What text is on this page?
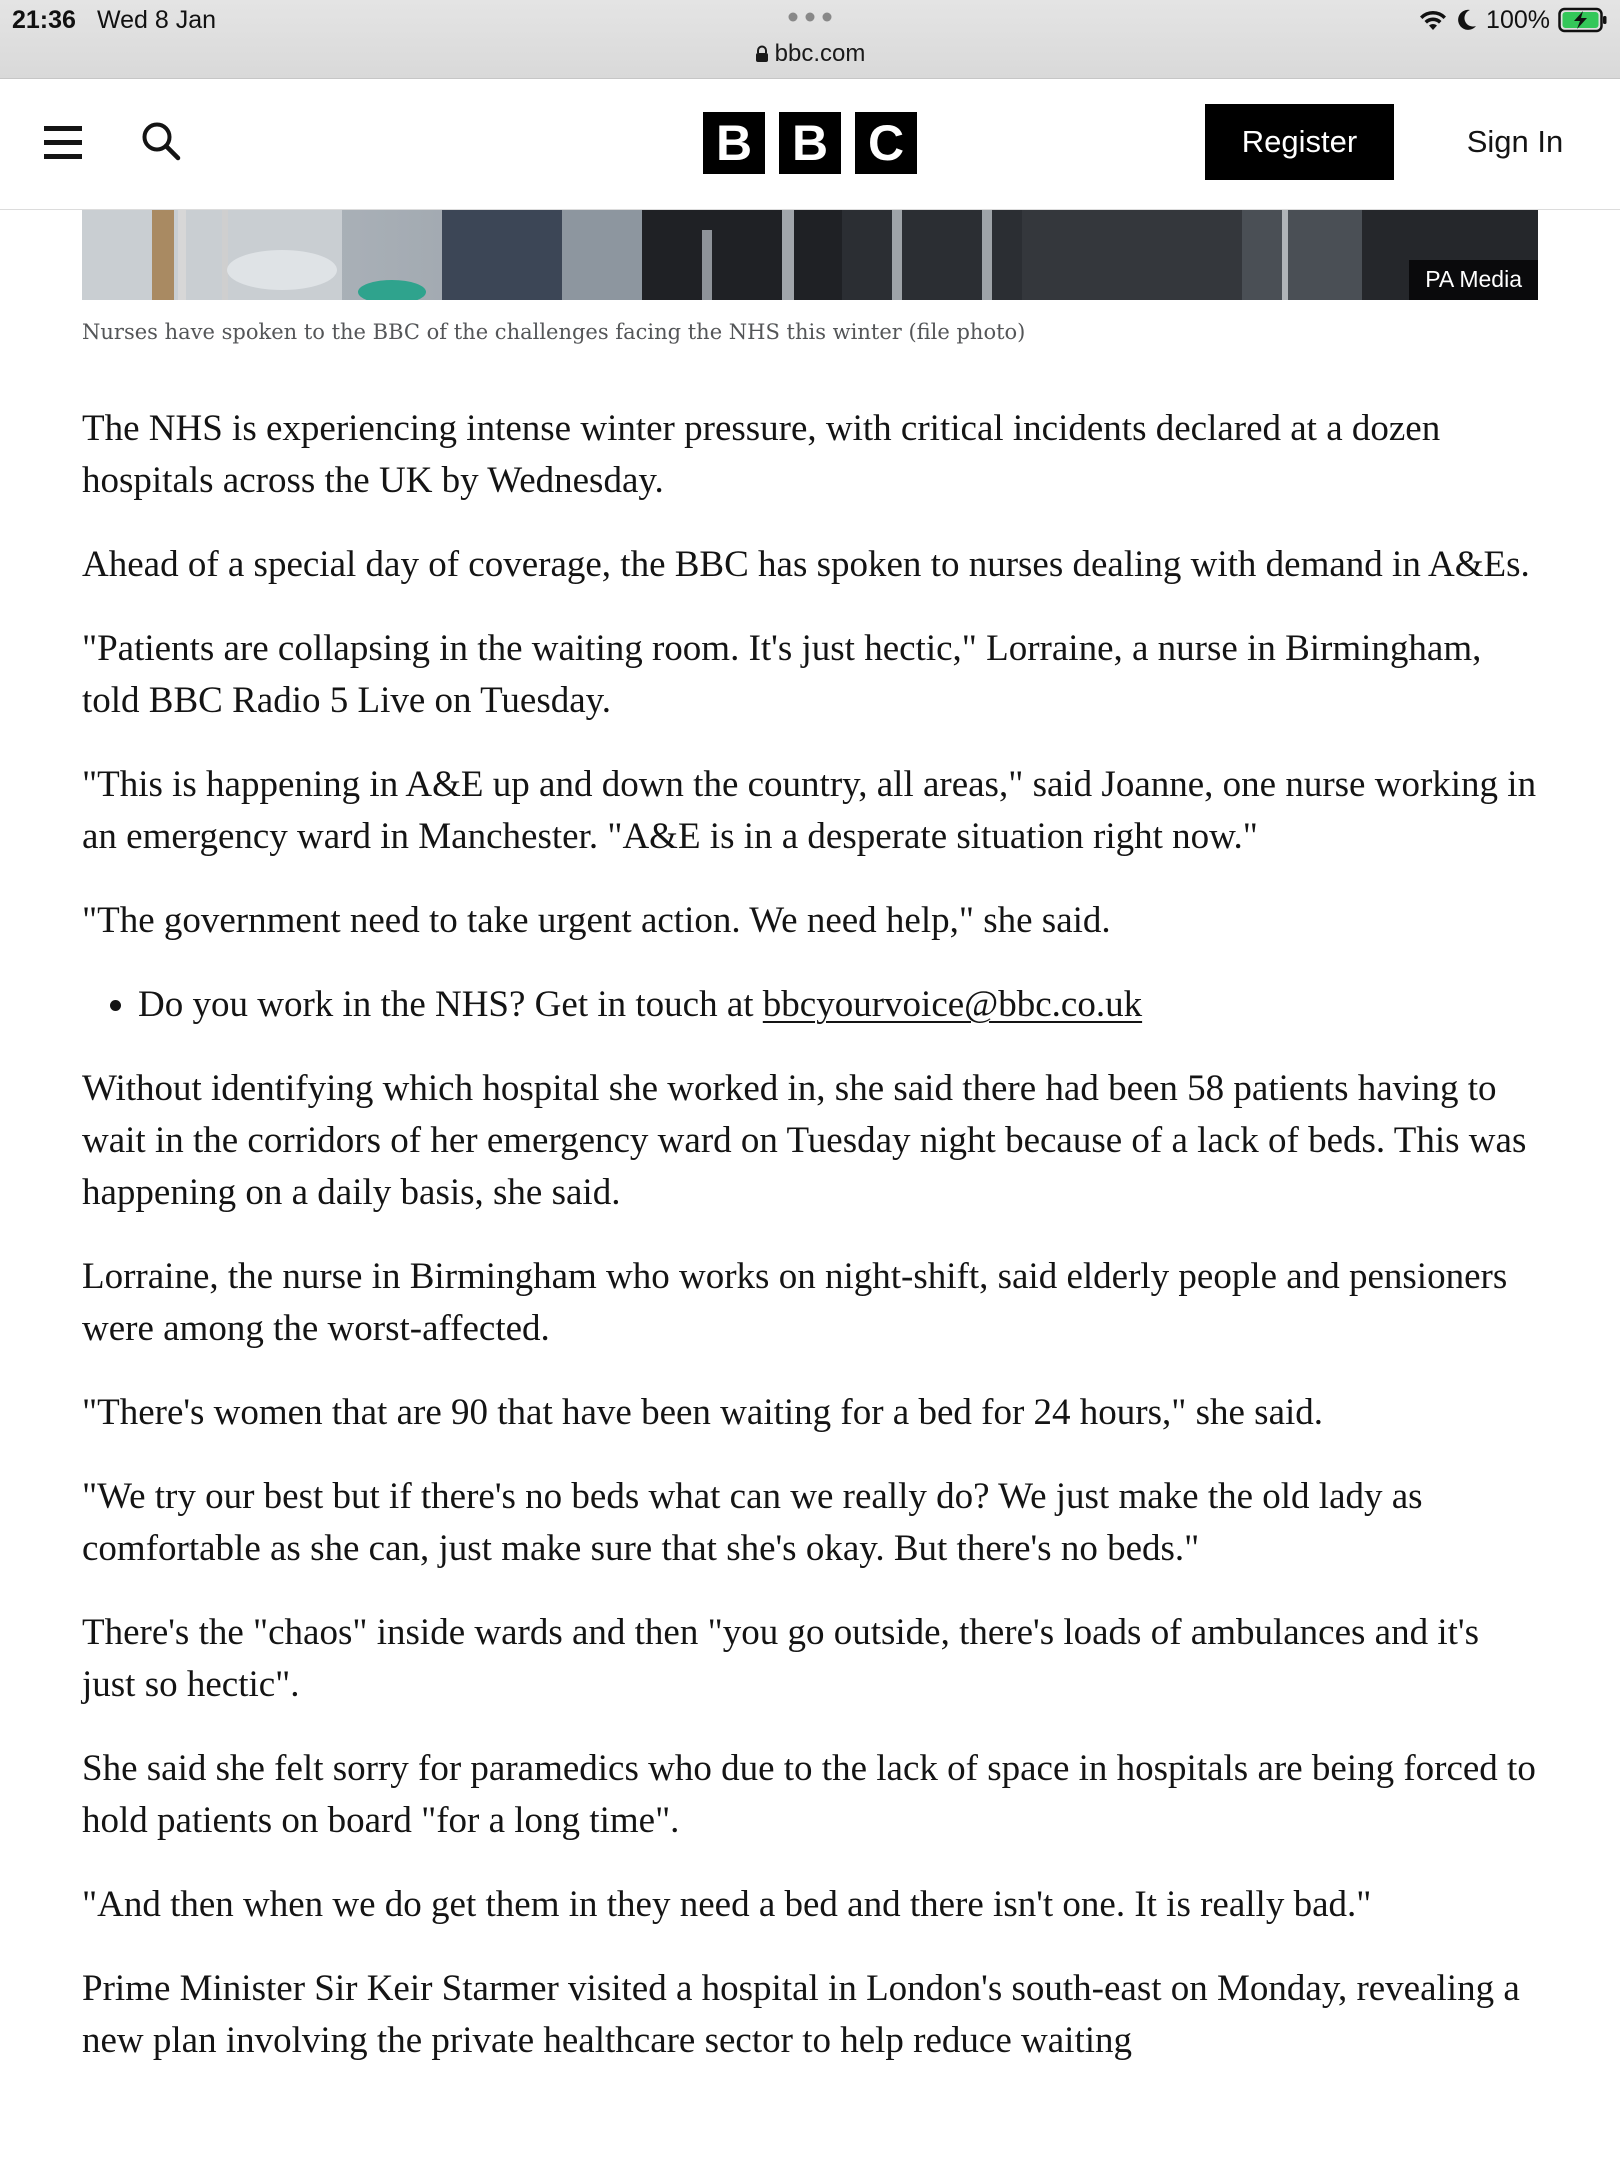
21:36 Wed 8 Jan	100%
bbc.com
B B C	Register	Sign In
PA Media
Nurses have spoken to the BBC of the challenges facing the NHS this winter (file photo)

The NHS is experiencing intense winter pressure, with critical incidents declared at a dozen hospitals across the UK by Wednesday.

Ahead of a special day of coverage, the BBC has spoken to nurses dealing with demand in A&Es.

"Patients are collapsing in the waiting room. It's just hectic," Lorraine, a nurse in Birmingham, told BBC Radio 5 Live on Tuesday.

"This is happening in A&E up and down the country, all areas," said Joanne, one nurse working in an emergency ward in Manchester. "A&E is in a desperate situation right now."

"The government need to take urgent action. We need help," she said.

• Do you work in the NHS? Get in touch at bbcyourvoice@bbc.co.uk

Without identifying which hospital she worked in, she said there had been 58 patients having to wait in the corridors of her emergency ward on Tuesday night because of a lack of beds. This was happening on a daily basis, she said.

Lorraine, the nurse in Birmingham who works on night-shift, said elderly people and pensioners were among the worst-affected.

"There's women that are 90 that have been waiting for a bed for 24 hours," she said.

"We try our best but if there's no beds what can we really do? We just make the old lady as comfortable as she can, just make sure that she's okay. But there's no beds."

There's the "chaos" inside wards and then "you go outside, there's loads of ambulances and it's just so hectic".

She said she felt sorry for paramedics who due to the lack of space in hospitals are being forced to hold patients on board "for a long time".

"And then when we do get them in they need a bed and there isn't one. It is really bad."

Prime Minister Sir Keir Starmer visited a hospital in London's south-east on Monday, revealing a new plan involving the private healthcare sector to help reduce waiting
